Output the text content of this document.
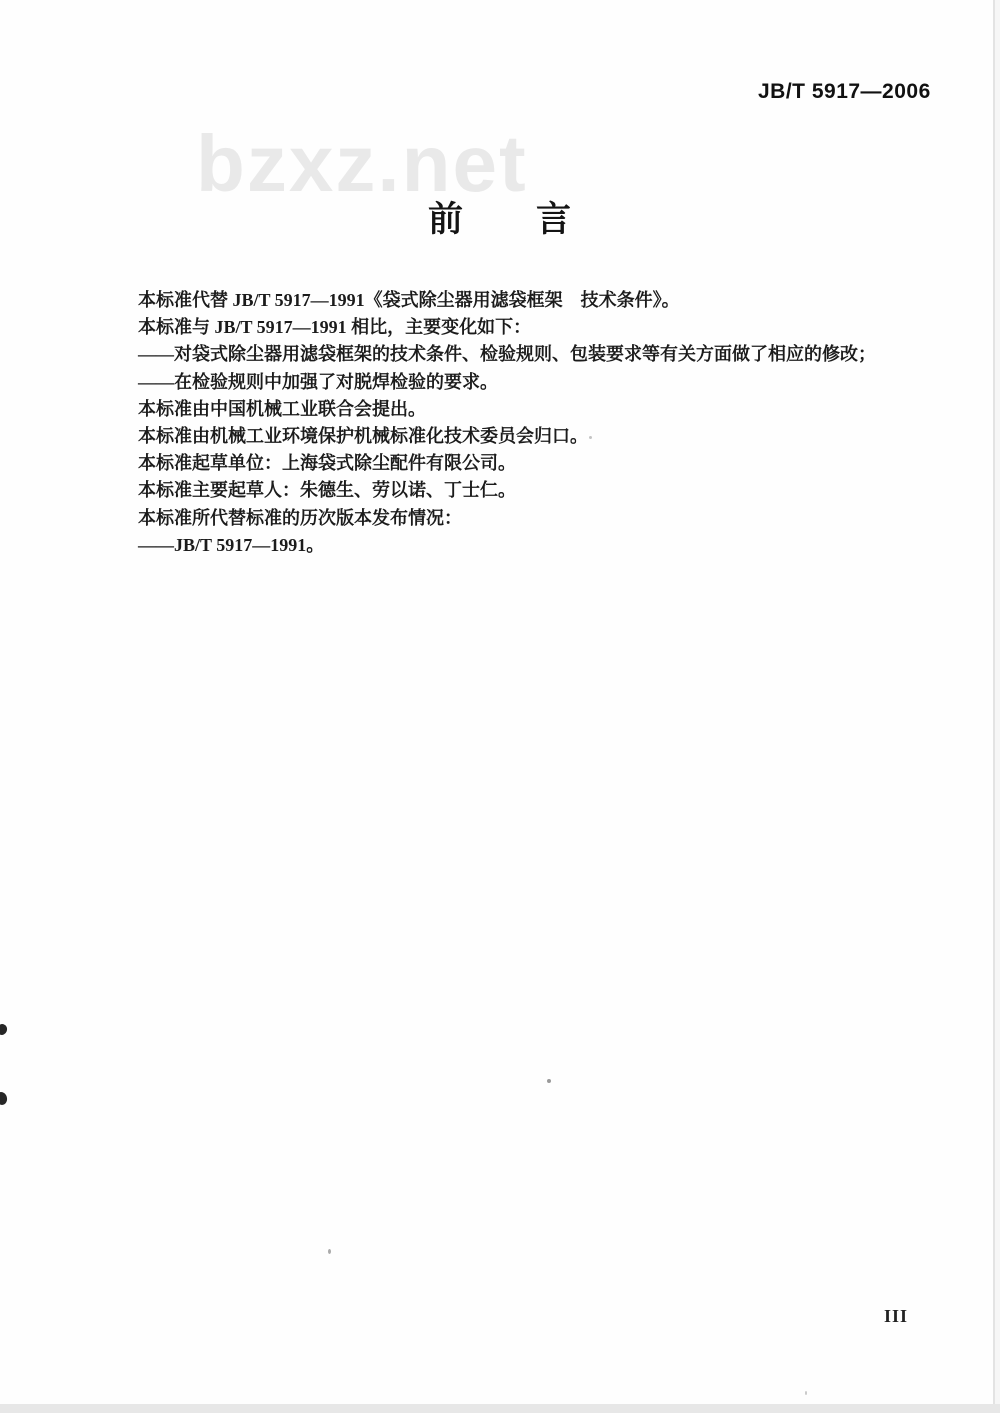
JB/T 5917—2006
bzxz.net
前　　言
本标准代替 JB/T 5917—1991《袋式除尘器用滤袋框架　技术条件》。
本标准与 JB/T 5917—1991 相比，主要变化如下：
——对袋式除尘器用滤袋框架的技术条件、检验规则、包装要求等有关方面做了相应的修改；
——在检验规则中加强了对脱焊检验的要求。
本标准由中国机械工业联合会提出。
本标准由机械工业环境保护机械标准化技术委员会归口。
本标准起草单位：上海袋式除尘配件有限公司。
本标准主要起草人：朱德生、劳以诺、丁士仁。
本标准所代替标准的历次版本发布情况：
——JB/T 5917—1991。
III
